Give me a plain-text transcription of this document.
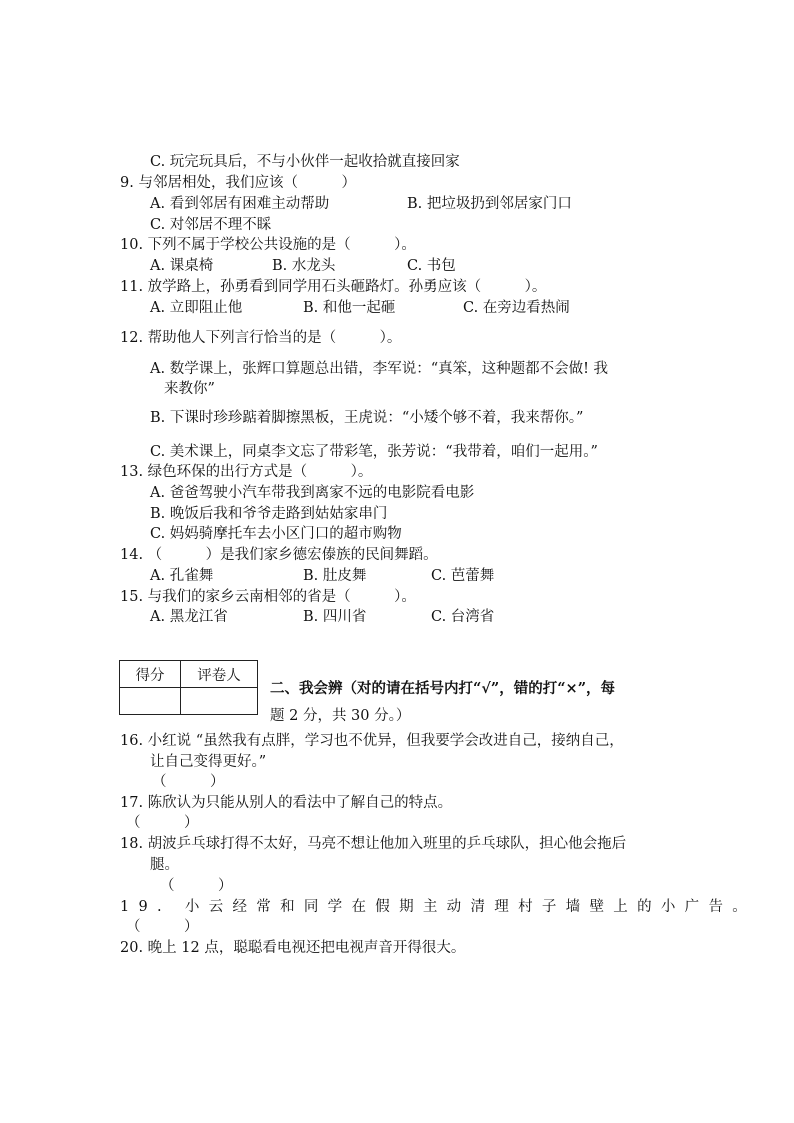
C. 玩完玩具后，不与小伙伴一起收拾就直接回家
9. 与邻居相处，我们应该（　　　）
A. 看到邻居有困难主动帮助	B. 把垃圾扔到邻居家门口
C. 对邻居不理不睬
10. 下列不属于学校公共设施的是（　　　）。
A. 课桌椅	B. 水龙头	C. 书包
11. 放学路上，孙勇看到同学用石头砸路灯。孙勇应该（　　　）。
A. 立即阻止他	B. 和他一起砸	C. 在旁边看热闹
12. 帮助他人下列言行恰当的是（　　　）。
A. 数学课上，张辉口算题总出错，李军说：“真笨，这种题都不会做! 我
来教你”
B. 下课时珍珍踮着脚擦黑板，王虎说：“小矮个够不着，我来帮你。”
C. 美术课上，同桌李文忘了带彩笔，张芳说：“我带着，咱们一起用。”
13. 绿色环保的出行方式是（　　　）。
A. 爸爸驾驶小汽车带我到离家不远的电影院看电影
B. 晚饭后我和爷爷走路到姑姑家串门
C. 妈妈骑摩托车去小区门口的超市购物
14. （　　　）是我们家乡德宏傣族的民间舞蹈。
A. 孔雀舞	B. 肚皮舞	C. 芭蕾舞
15. 与我们的家乡云南相邻的省是（　　　）。
A. 黑龙江省	B. 四川省	C. 台湾省
得分	评卷人

二、我会辨（对的请在括号内打“√”，错的打“×”，每
题 2 分，共 30 分。）
16. 小红说 “虽然我有点胖，学习也不优异，但我要学会改进自己，接纳自己，
让自己变得更好。”
（　　　）
17. 陈欣认为只能从别人的看法中了解自己的特点。
（　　　）
18. 胡波乒乓球打得不太好，马亮不想让他加入班里的乒乓球队，担心他会拖后
腿。
（　　　）
19. 小云经常和同学在假期主动清理村子墙壁上的小广告。
（　　　）
20. 晚上 12 点，聪聪看电视还把电视声音开得很大。
